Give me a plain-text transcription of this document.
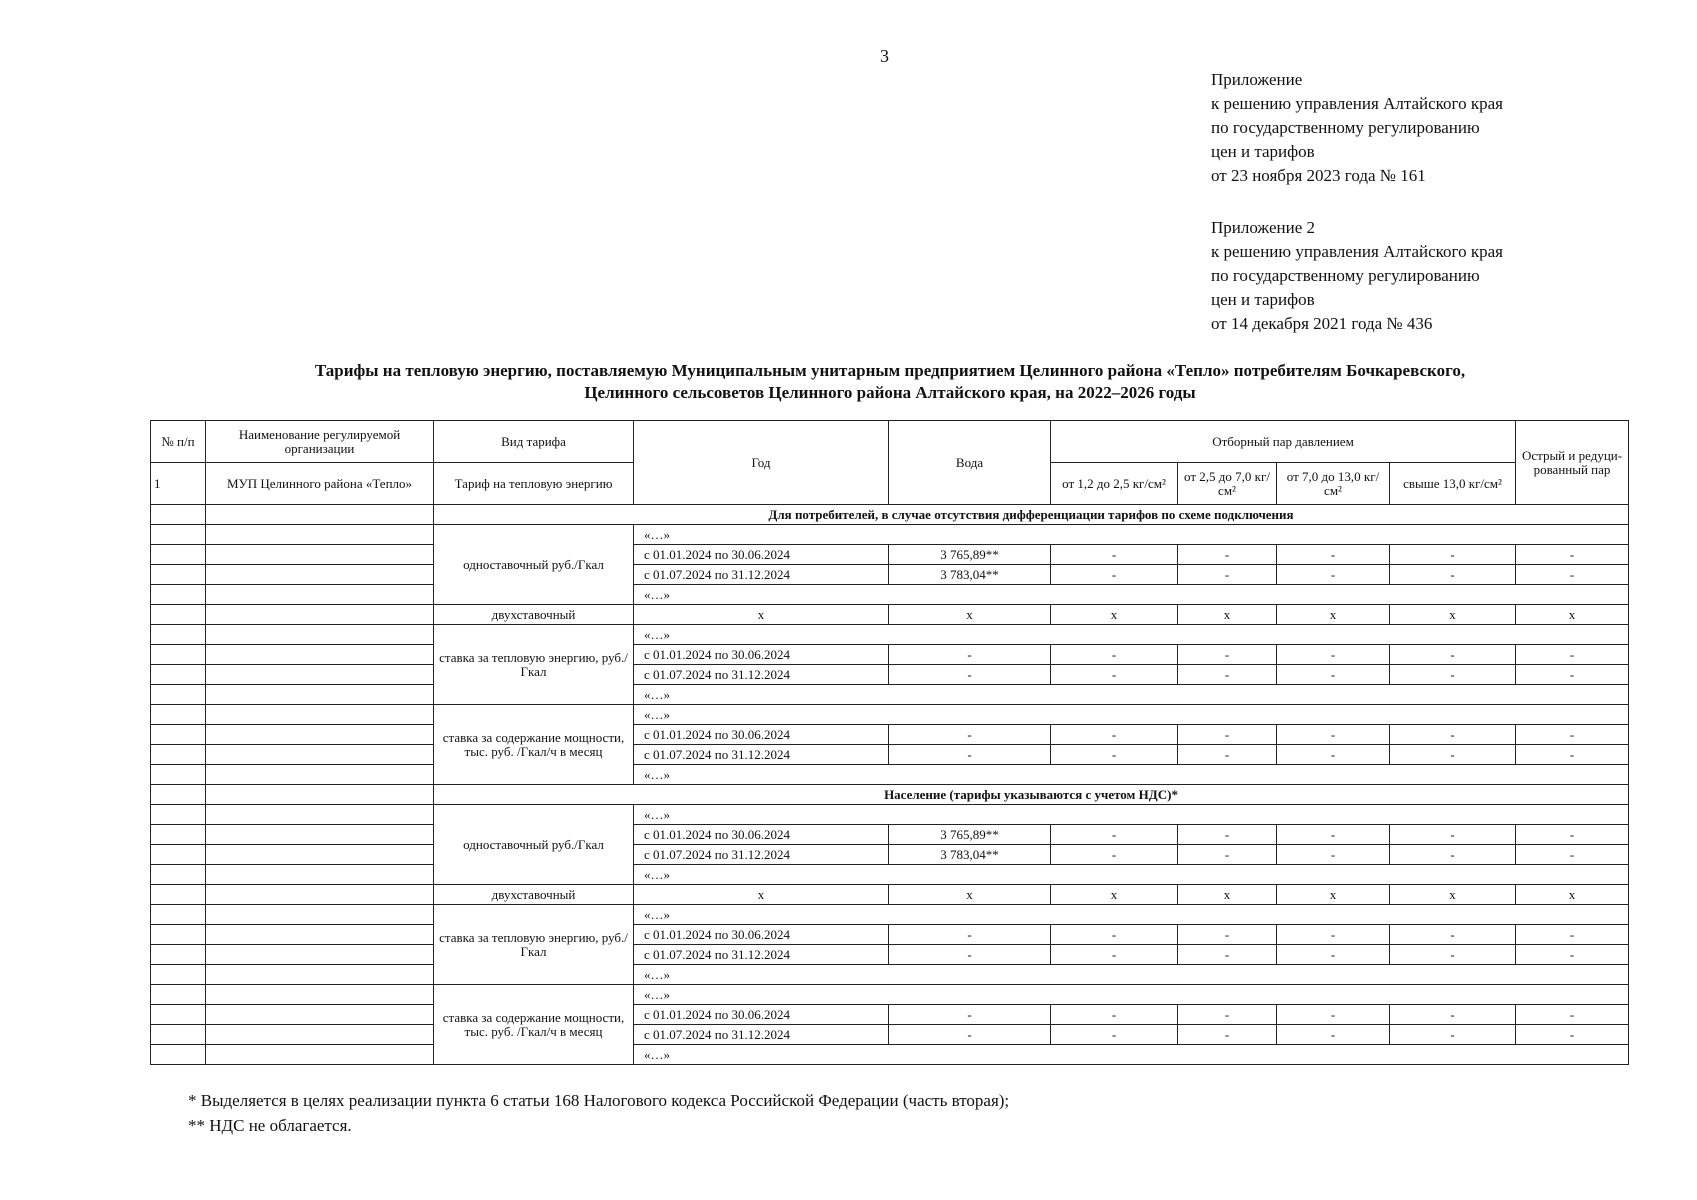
3
Приложение
к решению управления Алтайского края
по государственному регулированию
цен и тарифов
от 23 ноября 2023 года № 161
Приложение 2
к решению управления Алтайского края
по государственному регулированию
цен и тарифов
от 14 декабря 2021 года № 436
Тарифы на тепловую энергию, поставляемую Муниципальным унитарным предприятием Целинного района «Тепло» потребителям Бочкаревского,
Целинного сельсоветов Целинного района Алтайского края, на 2022–2026 годы
№ п/п	Наименование регулируемой организации	Вид тарифа	Год	Вода	Отборный пар давлением				Острый и редуци- рованный пар
1	МУП Целинного района «Тепло»	Тариф на тепловую энергию			от 1,2 до 2,5 кг/см²	от 2,5 до 7,0 кг/см²	от 7,0 до 13,0 кг/см²	свыше 13,0 кг/см²	
		Для потребителей, в случае отсутствия дифференциации тарифов по схеме подключения							
		одноставочный руб./Гкал	«…»						
			с 01.01.2024 по 30.06.2024	3 765,89**	-	-	-	-	-
			с 01.07.2024 по 31.12.2024	3 783,04**	-	-	-	-	-
			«…»						
		двухставочный	х	х	х	х	х	х	х
		ставка за тепловую энергию, руб./Гкал	«…»						
			с 01.01.2024 по 30.06.2024	-	-	-	-	-	-
			с 01.07.2024 по 31.12.2024	-	-	-	-	-	-
			«…»						
		ставка за содержание мощности, тыс. руб. /Гкал/ч в месяц	«…»						
			с 01.01.2024 по 30.06.2024	-	-	-	-	-	-
			с 01.07.2024 по 31.12.2024	-	-	-	-	-	-
			«…»						
		Население (тарифы указываются с учетом НДС)*							
		одноставочный руб./Гкал	«…»						
			с 01.01.2024 по 30.06.2024	3 765,89**	-	-	-	-	-
			с 01.07.2024 по 31.12.2024	3 783,04**	-	-	-	-	-
			«…»						
		двухставочный	х	х	х	х	х	х	х
		ставка за тепловую энергию, руб./Гкал	«…»						
			с 01.01.2024 по 30.06.2024	-	-	-	-	-	-
			с 01.07.2024 по 31.12.2024	-	-	-	-	-	-
			«…»						
		ставка за содержание мощности, тыс. руб. /Гкал/ч в месяц	«…»						
			с 01.01.2024 по 30.06.2024	-	-	-	-	-	-
			с 01.07.2024 по 31.12.2024	-	-	-	-	-	-
			«…»						
* Выделяется в целях реализации пункта 6 статьи 168 Налогового кодекса Российской Федерации (часть вторая);
** НДС не облагается.
